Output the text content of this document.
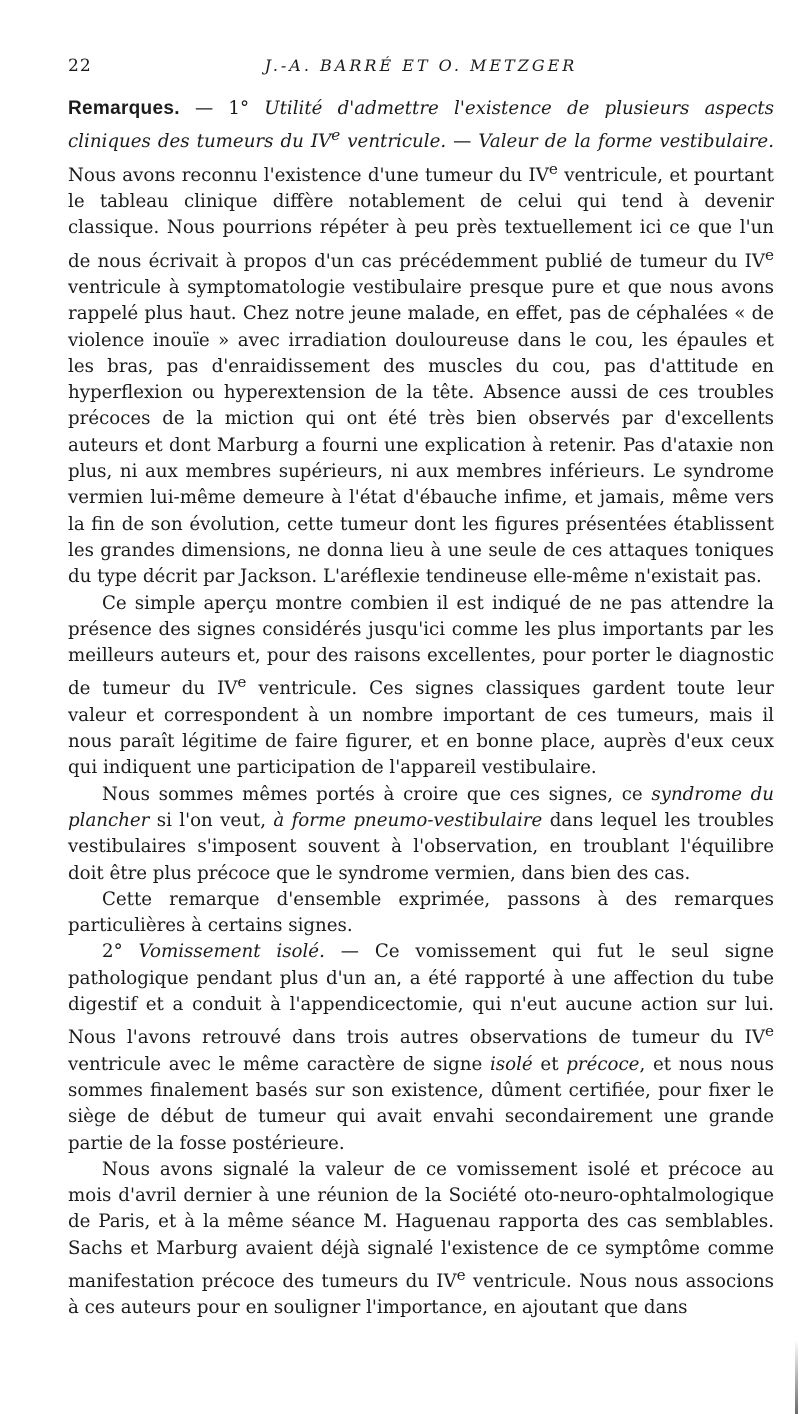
22	J.-A. BARRÉ ET O. METZGER

Remarques. — 1° Utilité d'admettre l'existence de plusieurs aspects cliniques des tumeurs du IVe ventricule. — Valeur de la forme vestibulaire. Nous avons reconnu l'existence d'une tumeur du IVe ventricule, et pourtant le tableau clinique diffère notablement de celui qui tend à devenir classique. Nous pourrions répéter à peu près textuellement ici ce que l'un de nous écrivait à propos d'un cas précédemment publié de tumeur du IVe ventricule à symptomatologie vestibulaire presque pure et que nous avons rappelé plus haut. Chez notre jeune malade, en effet, pas de céphalées « de violence inouïe » avec irradiation douloureuse dans le cou, les épaules et les bras, pas d'enraidissement des muscles du cou, pas d'attitude en hyperflexion ou hyperextension de la tête. Absence aussi de ces troubles précoces de la miction qui ont été très bien observés par d'excellents auteurs et dont Marburg a fourni une explication à retenir. Pas d'ataxie non plus, ni aux membres supérieurs, ni aux membres inférieurs. Le syndrome vermien lui-même demeure à l'état d'ébauche infime, et jamais, même vers la fin de son évolution, cette tumeur dont les figures présentées établissent les grandes dimensions, ne donna lieu à une seule de ces attaques toniques du type décrit par Jackson. L'aréflexie tendineuse elle-même n'existait pas.

Ce simple aperçu montre combien il est indiqué de ne pas attendre la présence des signes considérés jusqu'ici comme les plus importants par les meilleurs auteurs et, pour des raisons excellentes, pour porter le diagnostic de tumeur du IVe ventricule. Ces signes classiques gardent toute leur valeur et correspondent à un nombre important de ces tumeurs, mais il nous paraît légitime de faire figurer, et en bonne place, auprès d'eux ceux qui indiquent une participation de l'appareil vestibulaire.

Nous sommes mêmes portés à croire que ces signes, ce syndrome du plancher si l'on veut, à forme pneumo-vestibulaire dans lequel les troubles vestibulaires s'imposent souvent à l'observation, en troublant l'équilibre doit être plus précoce que le syndrome vermien, dans bien des cas.

Cette remarque d'ensemble exprimée, passons à des remarques particulières à certains signes.

2° Vomissement isolé. — Ce vomissement qui fut le seul signe pathologique pendant plus d'un an, a été rapporté à une affection du tube digestif et a conduit à l'appendicectomie, qui n'eut aucune action sur lui. Nous l'avons retrouvé dans trois autres observations de tumeur du IVe ventricule avec le même caractère de signe isolé et précoce, et nous nous sommes finalement basés sur son existence, dûment certifiée, pour fixer le siège de début de tumeur qui avait envahi secondairement une grande partie de la fosse postérieure.

Nous avons signalé la valeur de ce vomissement isolé et précoce au mois d'avril dernier à une réunion de la Société oto-neuro-ophtalmologique de Paris, et à la même séance M. Haguenau rapporta des cas semblables. Sachs et Marburg avaient déjà signalé l'existence de ce symptôme comme manifestation précoce des tumeurs du IVe ventricule. Nous nous associons à ces auteurs pour en souligner l'importance, en ajoutant que dans
